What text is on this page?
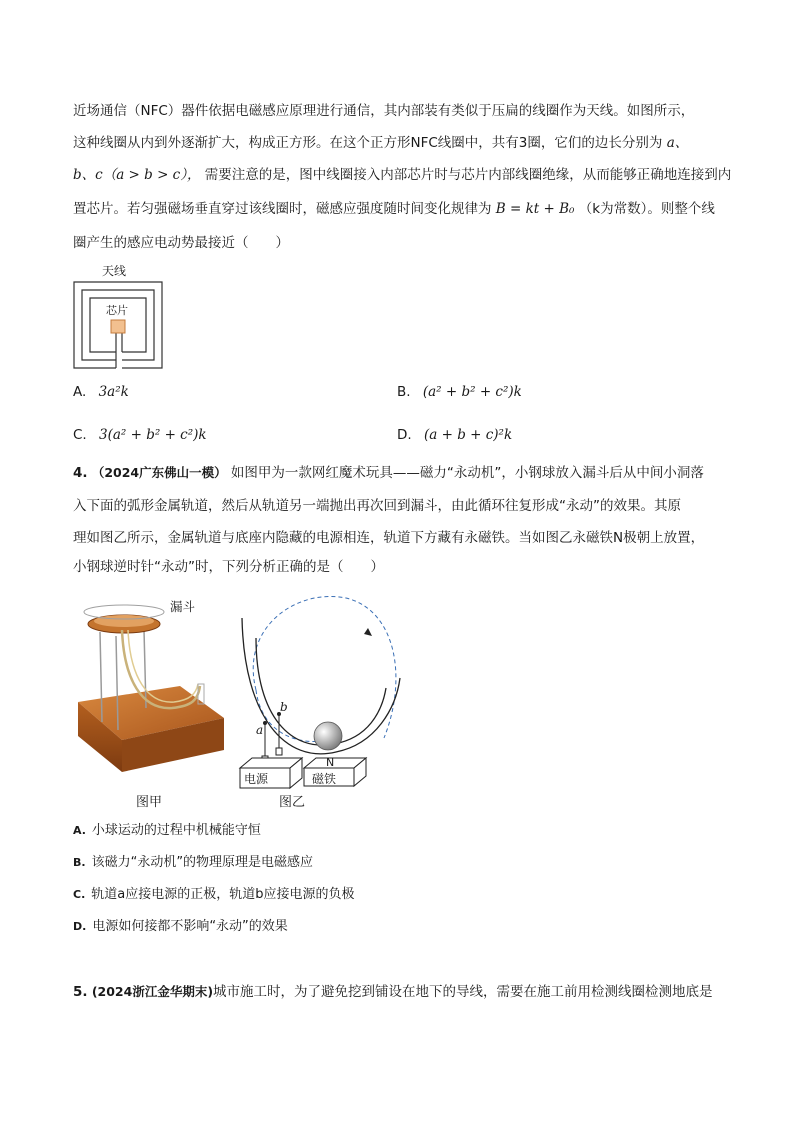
近场通信（NFC）器件依据电磁感应原理进行通信，其内部装有类似于压扁的线圈作为天线。如图所示，
这种线圈从内到外逐渐扩大，构成正方形。在这个正方形NFC线圈中，共有3圈，它们的边长分别为 a、
b、c（a > b > c）， 需要注意的是，图中线圈接入内部芯片时与芯片内部线圈绝缘，从而能够正确地连接到内
置芯片。若匀强磁场垂直穿过该线圈时，磁感应强度随时间变化规律为 B = kt + B₀ （k为常数）。则整个线
圈产生的感应电动势最接近（　　）
天线
芯片
A. 3a²k	B. (a² + b² + c²)k
C. 3(a² + b² + c²)k	D. (a + b + c)²k
4. （2024广东佛山一模） 如图甲为一款网红魔术玩具——磁力“永动机”，小钢球放入漏斗后从中间小洞落
入下面的弧形金属轨道，然后从轨道另一端抛出再次回到漏斗，由此循环往复形成“永动”的效果。其原
理如图乙所示，金属轨道与底座内隐藏的电源相连，轨道下方藏有永磁铁。当如图乙永磁铁N极朝上放置，
小钢球逆时针“永动”时，下列分析正确的是（　　）
漏斗
图甲
a
b
电源
N
磁铁
图乙
A. 小球运动的过程中机械能守恒
B. 该磁力“永动机”的物理原理是电磁感应
C. 轨道a应接电源的正极，轨道b应接电源的负极
D. 电源如何接都不影响“永动”的效果
5. (2024浙江金华期末)城市施工时，为了避免挖到铺设在地下的导线，需要在施工前用检测线圈检测地底是
